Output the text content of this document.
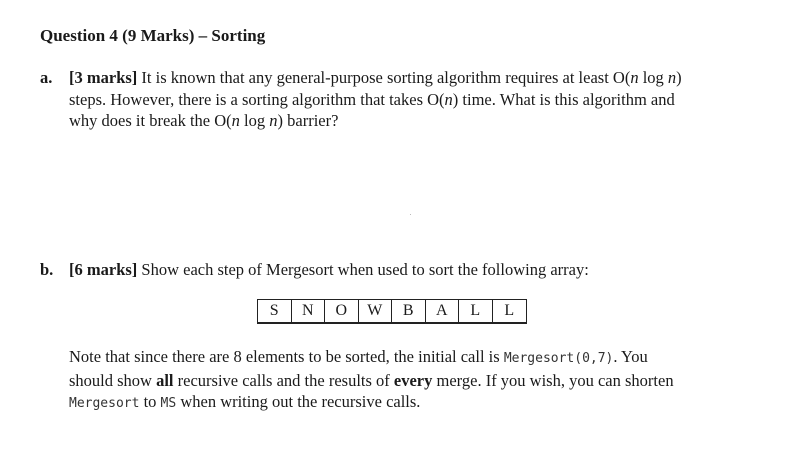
Question 4 (9 Marks) – Sorting
a. [3 marks] It is known that any general-purpose sorting algorithm requires at least O(n log n)
steps. However, there is a sorting algorithm that takes O(n) time. What is this algorithm and
why does it break the O(n log n) barrier?
b. [6 marks] Show each step of Mergesort when used to sort the following array:
S	N	O	W	B	A	L	L
Note that since there are 8 elements to be sorted, the initial call is Mergesort(0,7). You
should show all recursive calls and the results of every merge. If you wish, you can shorten
Mergesort to MS when writing out the recursive calls.
